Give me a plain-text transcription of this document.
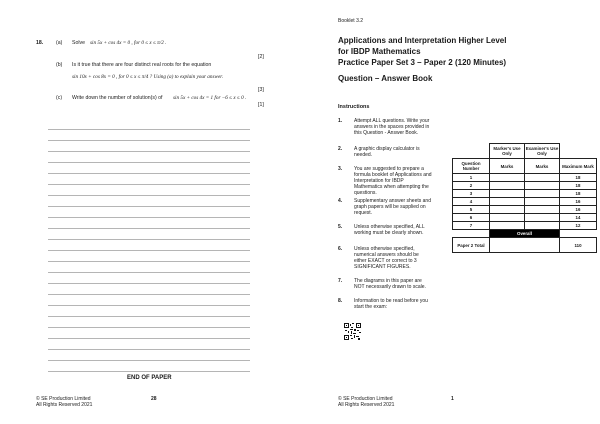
18. (a) Solve sin 5x + cos 4x = 0 , for 0 ≤ x ≤ π/2 .
[2]
(b) Is it true that there are four distinct real roots for the equation
sin 10x + cos 8x = 0 , for 0 ≤ x ≤ π/4 ? Using (a) to explain your answer.
[3]
(c) Write down the number of solution(s) of sin 5x + cos 4x = 1 for −6 ≤ x ≤ 0 .
[1]
END OF PAPER
© SE Production Limited
All Rights Reserved 2021
28
Booklet 3.2
Applications and Interpretation Higher Level
for IBDP Mathematics
Practice Paper Set 3 – Paper 2 (120 Minutes)
Question – Answer Book
Instructions
1. Attempt ALL questions. Write your answers in the spaces provided in this Question - Answer Book.
2. A graphic display calculator is needed.
3. You are suggested to prepare a formula booklet of Applications and Interpretation for IBDP Mathematics when attempting the questions.
4. Supplementary answer sheets and graph papers will be supplied on request.
5. Unless otherwise specified, ALL working must be clearly shown.
6. Unless otherwise specified, numerical answers should be either EXACT or correct to 3 SIGNIFICANT FIGURES.
7. The diagrams in this paper are NOT necessarily drawn to scale.
8. Information to be read before you start the exam:
	Marker's Use Only	Examiner's Use Only	
Question Number	Marks	Marks	Maximum Mark
1			18
2			18
3			18
4			16
5			16
6			14
7			12
	Overall		
Paper 2 Total			110
© SE Production Limited
All Rights Reserved 2021
1
